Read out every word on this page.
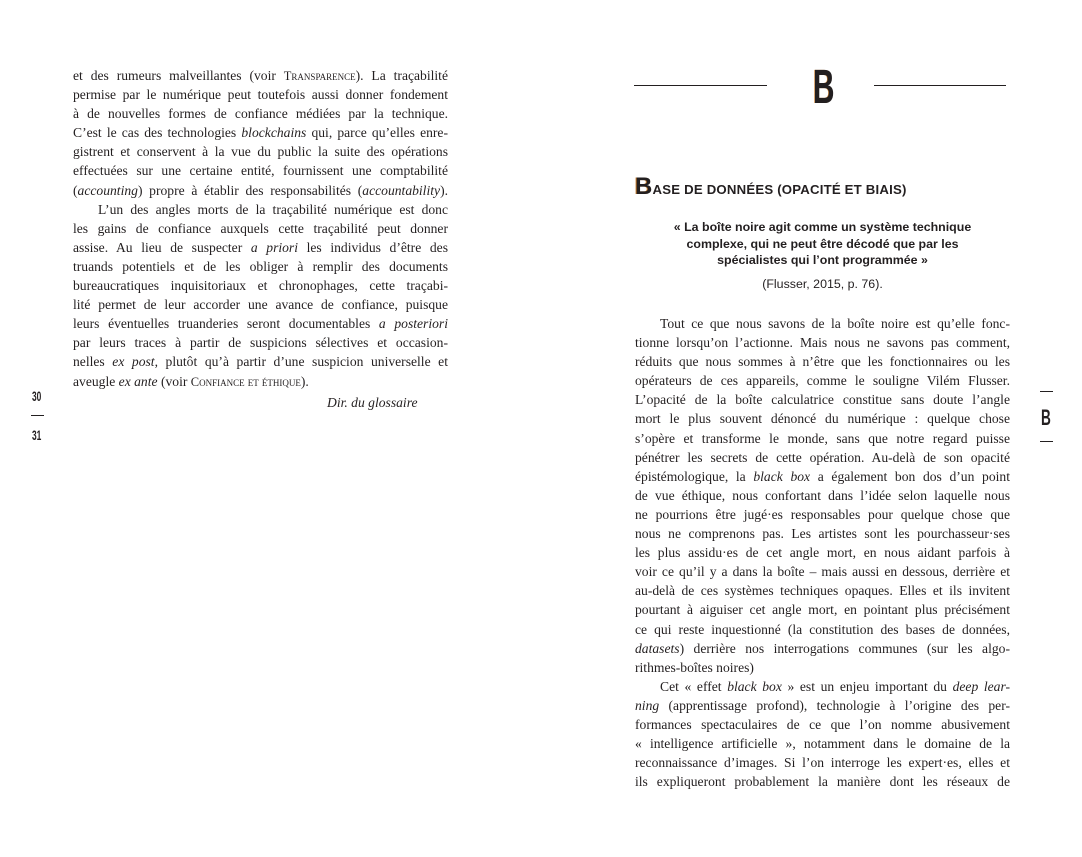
et des rumeurs malveillantes (voir Transparence). La traçabilité
permise par le numérique peut toutefois aussi donner fondement
à de nouvelles formes de confiance médiées par la technique.
C’est le cas des technologies blockchains qui, parce qu’elles enre-
gistrent et conservent à la vue du public la suite des opérations
effectuées sur une certaine entité, fournissent une comptabilité
(accounting) propre à établir des responsabilités (accountability).
L’un des angles morts de la traçabilité numérique est donc
les gains de confiance auxquels cette traçabilité peut donner
assise. Au lieu de suspecter a priori les individus d’être des
truands potentiels et de les obliger à remplir des documents
bureaucratiques inquisitoriaux et chronophages, cette traçabi-
lité permet de leur accorder une avance de confiance, puisque
leurs éventuelles truanderies seront documentables a posteriori
par leurs traces à partir de suspicions sélectives et occasion-
nelles ex post, plutôt qu’à partir d’une suspicion universelle et
aveugle ex ante (voir Confiance et éthique).
Dir. du glossaire
30
31
B
BASE DE DONNÉES (OPACITÉ ET BIAIS)
« La boîte noire agit comme un système technique
complexe, qui ne peut être décodé que par les
spécialistes qui l’ont programmée »
(Flusser, 2015, p. 76).
Tout ce que nous savons de la boîte noire est qu’elle fonc-
tionne lorsqu’on l’actionne. Mais nous ne savons pas comment,
réduits que nous sommes à n’être que les fonctionnaires ou les
opérateurs de ces appareils, comme le souligne Vilém Flusser.
L’opacité de la boîte calculatrice constitue sans doute l’angle
mort le plus souvent dénoncé du numérique : quelque chose
s’opère et transforme le monde, sans que notre regard puisse
pénétrer les secrets de cette opération. Au-delà de son opacité
épistémologique, la black box a également bon dos d’un point
de vue éthique, nous confortant dans l’idée selon laquelle nous
ne pourrions être jugé·es responsables pour quelque chose que
nous ne comprenons pas. Les artistes sont les pourchasseur·ses
les plus assidu·es de cet angle mort, en nous aidant parfois à
voir ce qu’il y a dans la boîte – mais aussi en dessous, derrière et
au-delà de ces systèmes techniques opaques. Elles et ils invitent
pourtant à aiguiser cet angle mort, en pointant plus précisément
ce qui reste inquestionné (la constitution des bases de données,
datasets) derrière nos interrogations communes (sur les algo-
rithmes-boîtes noires)
Cet « effet black box » est un enjeu important du deep lear-
ning (apprentissage profond), technologie à l’origine des per-
formances spectaculaires de ce que l’on nomme abusivement
« intelligence artificielle », notamment dans le domaine de la
reconnaissance d’images. Si l’on interroge les expert·es, elles et
ils expliqueront probablement la manière dont les réseaux de
B
